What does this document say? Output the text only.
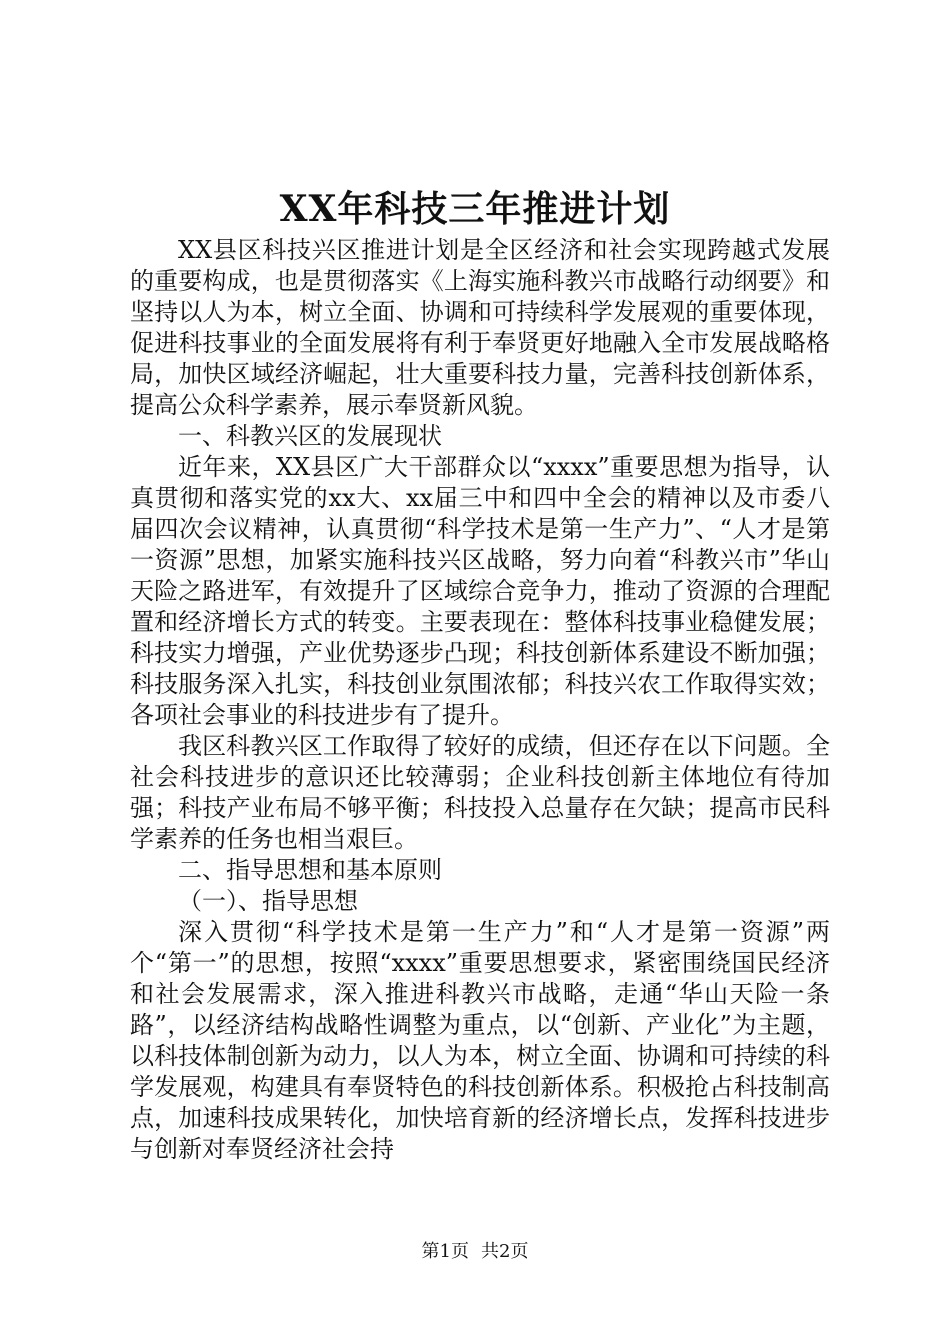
XX年科技三年推进计划

XX县区科技兴区推进计划是全区经济和社会实现跨越式发展的重要构成，也是贯彻落实《上海实施科教兴市战略行动纲要》和坚持以人为本，树立全面、协调和可持续科学发展观的重要体现，促进科技事业的全面发展将有利于奉贤更好地融入全市发展战略格局，加快区域经济崛起，壮大重要科技力量，完善科技创新体系，提高公众科学素养，展示奉贤新风貌。

一、科教兴区的发展现状

近年来，XX县区广大干部群众以“xxxx”重要思想为指导，认真贯彻和落实党的xx大、xx届三中和四中全会的精神以及市委八届四次会议精神，认真贯彻“科学技术是第一生产力”、“人才是第一资源”思想，加紧实施科技兴区战略，努力向着“科教兴市”华山天险之路进军，有效提升了区域综合竞争力，推动了资源的合理配置和经济增长方式的转变。主要表现在：整体科技事业稳健发展；科技实力增强，产业优势逐步凸现；科技创新体系建设不断加强；科技服务深入扎实，科技创业氛围浓郁；科技兴农工作取得实效；各项社会事业的科技进步有了提升。

我区科教兴区工作取得了较好的成绩，但还存在以下问题。全社会科技进步的意识还比较薄弱；企业科技创新主体地位有待加强；科技产业布局不够平衡；科技投入总量存在欠缺；提高市民科学素养的任务也相当艰巨。

二、指导思想和基本原则

（一）、指导思想

深入贯彻“科学技术是第一生产力”和“人才是第一资源”两个“第一”的思想，按照“xxxx”重要思想要求，紧密围绕国民经济和社会发展需求，深入推进科教兴市战略，走通“华山天险一条路”，以经济结构战略性调整为重点，以“创新、产业化”为主题，以科技体制创新为动力，以人为本，树立全面、协调和可持续的科学发展观，构建具有奉贤特色的科技创新体系。积极抢占科技制高点，加速科技成果转化，加快培育新的经济增长点，发挥科技进步与创新对奉贤经济社会持

第1页 共2页
